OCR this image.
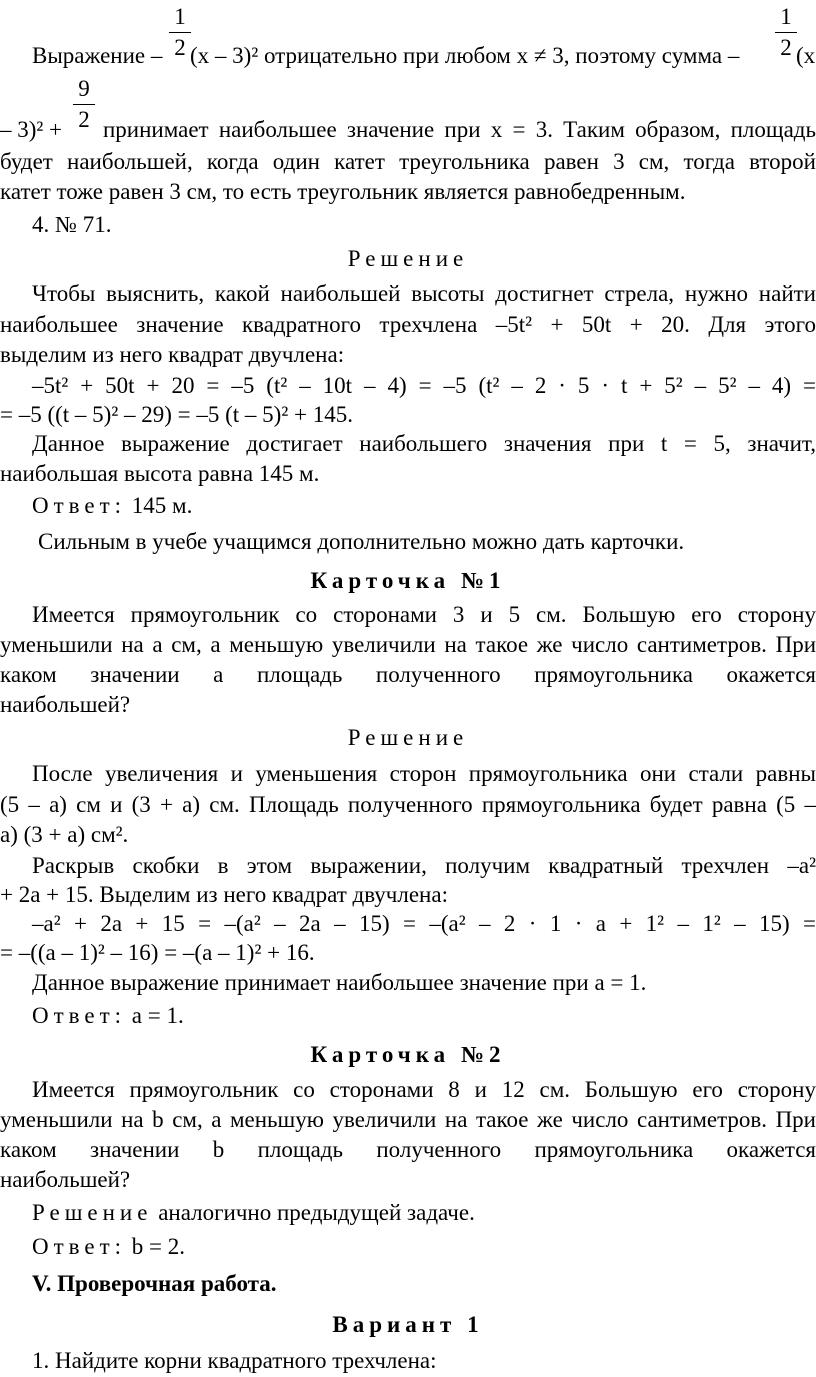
Выражение – (x – 3)² отрицательно при любом x ≠ 3, поэтому сумма – (x
1
2
1
2
9
2
– 3)² + принимает наибольшее значение при x = 3. Таким образом, площадь

будет наибольшей, когда один катет треугольника равен 3 см, тогда второй

катет тоже равен 3 см, то есть треугольник является равнобедренным.

4. № 71.

Решение

Чтобы выяснить, какой наибольшей высоты достигнет стрела, нужно найти

наибольшее значение квадратного трехчлена –5t² + 50t + 20. Для этого

выделим из него квадрат двучлена:

–5t² + 50t + 20 = –5 (t² – 10t – 4) = –5 (t² – 2 · 5 · t + 5² – 5² – 4) =

= –5 ((t – 5)² – 29) = –5 (t – 5)² + 145.

Данное выражение достигает наибольшего значения при t = 5, значит,

наибольшая высота равна 145 м.

Ответ: 145 м.

Сильным в учебе учащимся дополнительно можно дать карточки.

Карточка №1

Имеется прямоугольник со сторонами 3 и 5 см. Большую его сторону

уменьшили на a см, а меньшую увеличили на такое же число сантиметров. При

каком значении a площадь полученного прямоугольника окажется

наибольшей?

Решение

После увеличения и уменьшения сторон прямоугольника они стали равны

(5 – a) см и (3 + a) см. Площадь полученного прямоугольника будет равна (5 –

a) (3 + a) см².

Раскрыв скобки в этом выражении, получим квадратный трехчлен –a²

+ 2a + 15. Выделим из него квадрат двучлена:

–a² + 2a + 15 = –(a² – 2a – 15) = –(a² – 2 · 1 · a + 1² – 1² – 15) =

= –((a – 1)² – 16) = –(a – 1)² + 16.

Данное выражение принимает наибольшее значение при a = 1.

Ответ: a = 1.

Карточка №2

Имеется прямоугольник со сторонами 8 и 12 см. Большую его сторону

уменьшили на b см, а меньшую увеличили на такое же число сантиметров. При

каком значении b площадь полученного прямоугольника окажется

наибольшей?

Решение аналогично предыдущей задаче.

Ответ: b = 2.

V. Проверочная работа.

Вариант 1

1. Найдите корни квадратного трехчлена:
